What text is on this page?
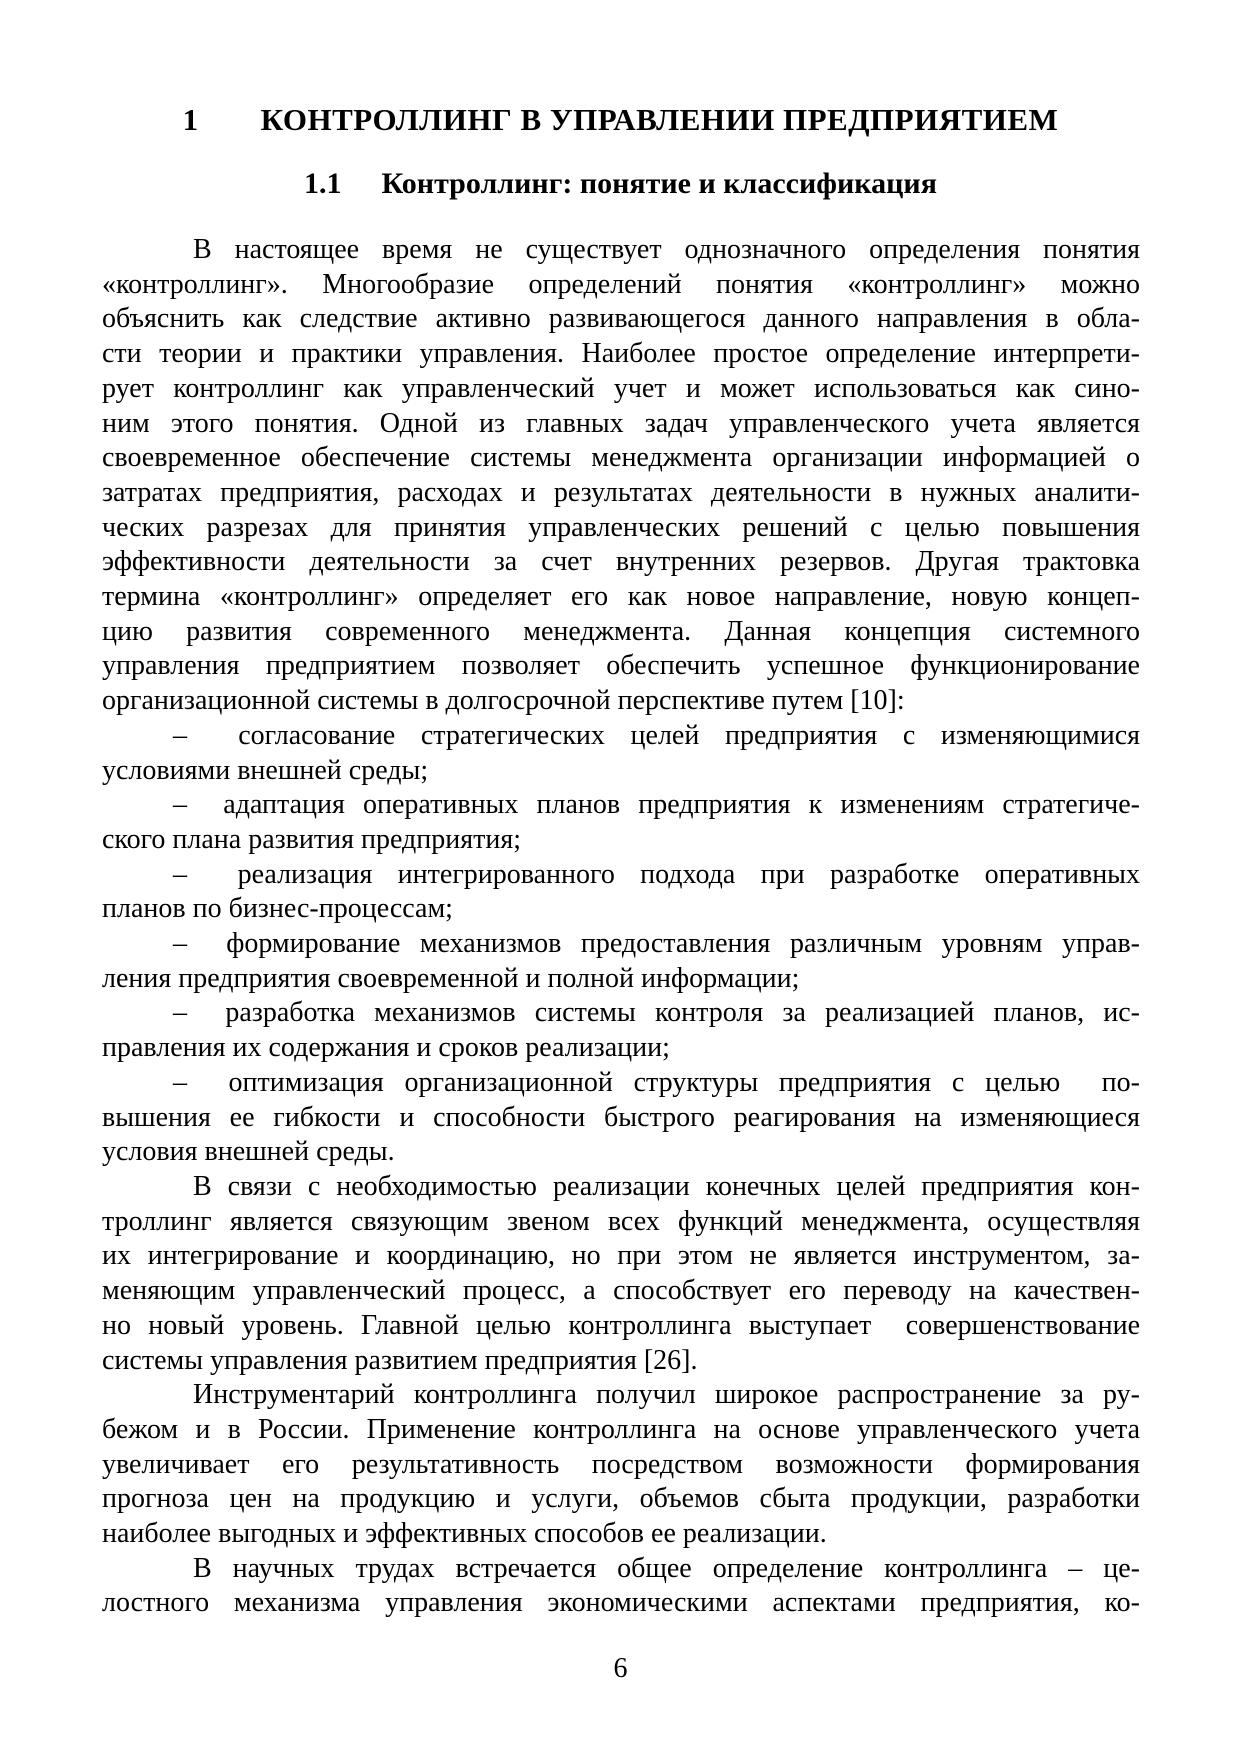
1 КОНТРОЛЛИНГ В УПРАВЛЕНИИ ПРЕДПРИЯТИЕМ
1.1 Контроллинг: понятие и классификация
В настоящее время не существует однозначного определения понятия
«контроллинг». Многообразие определений понятия «контроллинг» можно
объяснить как следствие активно развивающегося данного направления в обла-
сти теории и практики управления. Наиболее простое определение интерпрети-
рует контроллинг как управленческий учет и может использоваться как сино-
ним этого понятия. Одной из главных задач управленческого учета является
своевременное обеспечение системы менеджмента организации информацией о
затратах предприятия, расходах и результатах деятельности в нужных аналити-
ческих разрезах для принятия управленческих решений с целью повышения
эффективности деятельности за счет внутренних резервов. Другая трактовка
термина «контроллинг» определяет его как новое направление, новую концеп-
цию развития современного менеджмента. Данная концепция системного
управления предприятием позволяет обеспечить успешное функционирование
организационной системы в долгосрочной перспективе путем [10]:
–  согласование стратегических целей предприятия с изменяющимися
условиями внешней среды;
–  адаптация оперативных планов предприятия к изменениям стратегиче-
ского плана развития предприятия;
–  реализация интегрированного подхода при разработке оперативных
планов по бизнес-процессам;
–  формирование механизмов предоставления различным уровням управ-
ления предприятия своевременной и полной информации;
–  разработка механизмов системы контроля за реализацией планов, ис-
правления их содержания и сроков реализации;
–  оптимизация организационной структуры предприятия с целью  по-
вышения ее гибкости и способности быстрого реагирования на изменяющиеся
условия внешней среды.
В связи с необходимостью реализации конечных целей предприятия кон-
троллинг является связующим звеном всех функций менеджмента, осуществляя
их интегрирование и координацию, но при этом не является инструментом, за-
меняющим управленческий процесс, а способствует его переводу на качествен-
но новый уровень. Главной целью контроллинга выступает  совершенствование
системы управления развитием предприятия [26].
Инструментарий контроллинга получил широкое распространение за ру-
бежом и в России. Применение контроллинга на основе управленческого учета
увеличивает его результативность посредством возможности формирования
прогноза цен на продукцию и услуги, объемов сбыта продукции, разработки
наиболее выгодных и эффективных способов ее реализации.
В научных трудах встречается общее определение контроллинга – це-
лостного механизма управления экономическими аспектами предприятия, ко-
6
